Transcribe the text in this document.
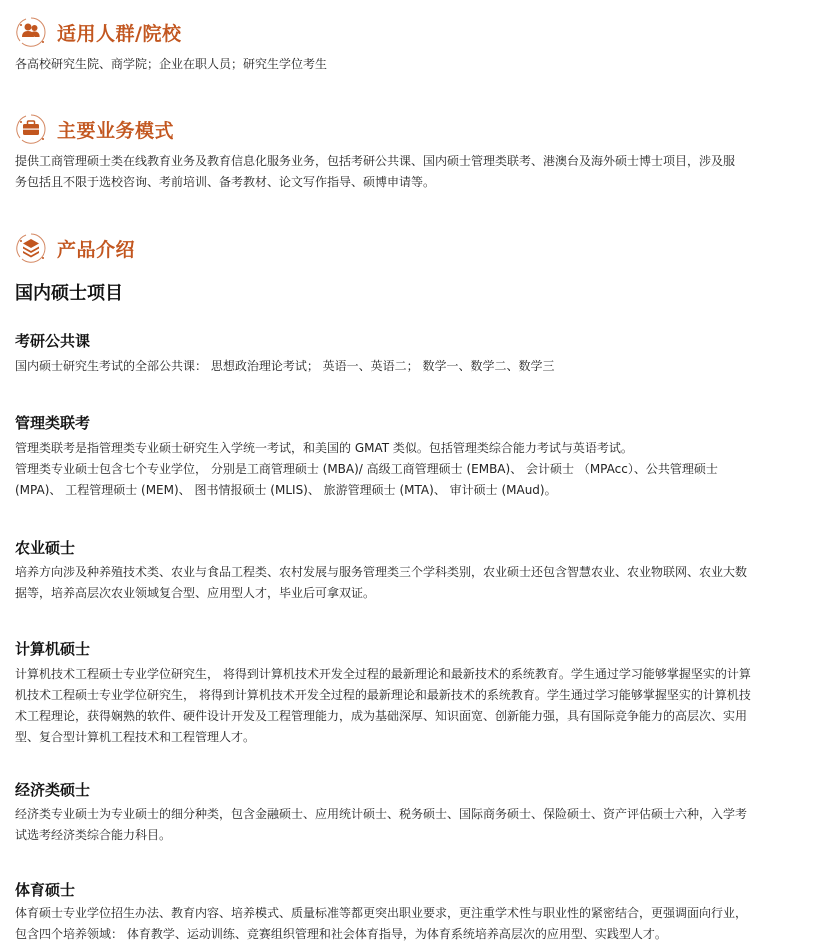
适用人群/院校

各高校研究生院、商学院；企业在职人员；研究生学位考生

主要业务模式

提供工商管理硕士类在线教育业务及教育信息化服务业务，包括考研公共课、国内硕士管理类联考、港澳台及海外硕士博士项目，涉及服

务包括且不限于选校咨询、考前培训、备考教材、论文写作指导、硕博申请等。

产品介绍
国内硕士项目
考研公共课

国内硕士研究生考试的全部公共课： 思想政治理论考试； 英语一、英语二； 数学一、数学二、数学三

管理类联考

管理类联考是指管理类专业硕士研究生入学统一考试，和美国的 GMAT 类似。包括管理类综合能力考试与英语考试。

管理类专业硕士包含七个专业学位， 分别是工商管理硕士 (MBA)/ 高级工商管理硕士 (EMBA)、 会计硕士 （MPAcc）、公共管理硕士

(MPA)、 工程管理硕士 (MEM)、 图书情报硕士 (MLIS)、 旅游管理硕士 (MTA)、 审计硕士 (MAud)。

农业硕士

培养方向涉及种养殖技术类、农业与食品工程类、农村发展与服务管理类三个学科类别，农业硕士还包含智慧农业、农业物联网、农业大数

据等，培养高层次农业领域复合型、应用型人才，毕业后可拿双证。

计算机硕士

计算机技术工程硕士专业学位研究生， 将得到计算机技术开发全过程的最新理论和最新技术的系统教育。学生通过学习能够掌握坚实的计算

机技术工程硕士专业学位研究生， 将得到计算机技术开发全过程的最新理论和最新技术的系统教育。学生通过学习能够掌握坚实的计算机技

术工程理论，获得娴熟的软件、硬件设计开发及工程管理能力，成为基础深厚、知识面宽、创新能力强，具有国际竞争能力的高层次、实用

型、复合型计算机工程技术和工程管理人才。

经济类硕士

经济类专业硕士为专业硕士的细分种类，包含金融硕士、应用统计硕士、税务硕士、国际商务硕士、保险硕士、资产评估硕士六种，入学考

试选考经济类综合能力科目。

体育硕士

体育硕士专业学位招生办法、教育内容、培养模式、质量标准等都更突出职业要求，更注重学术性与职业性的紧密结合，更强调面向行业，

包含四个培养领域： 体育教学、运动训练、竞赛组织管理和社会体育指导，为体育系统培养高层次的应用型、实践型人才。
